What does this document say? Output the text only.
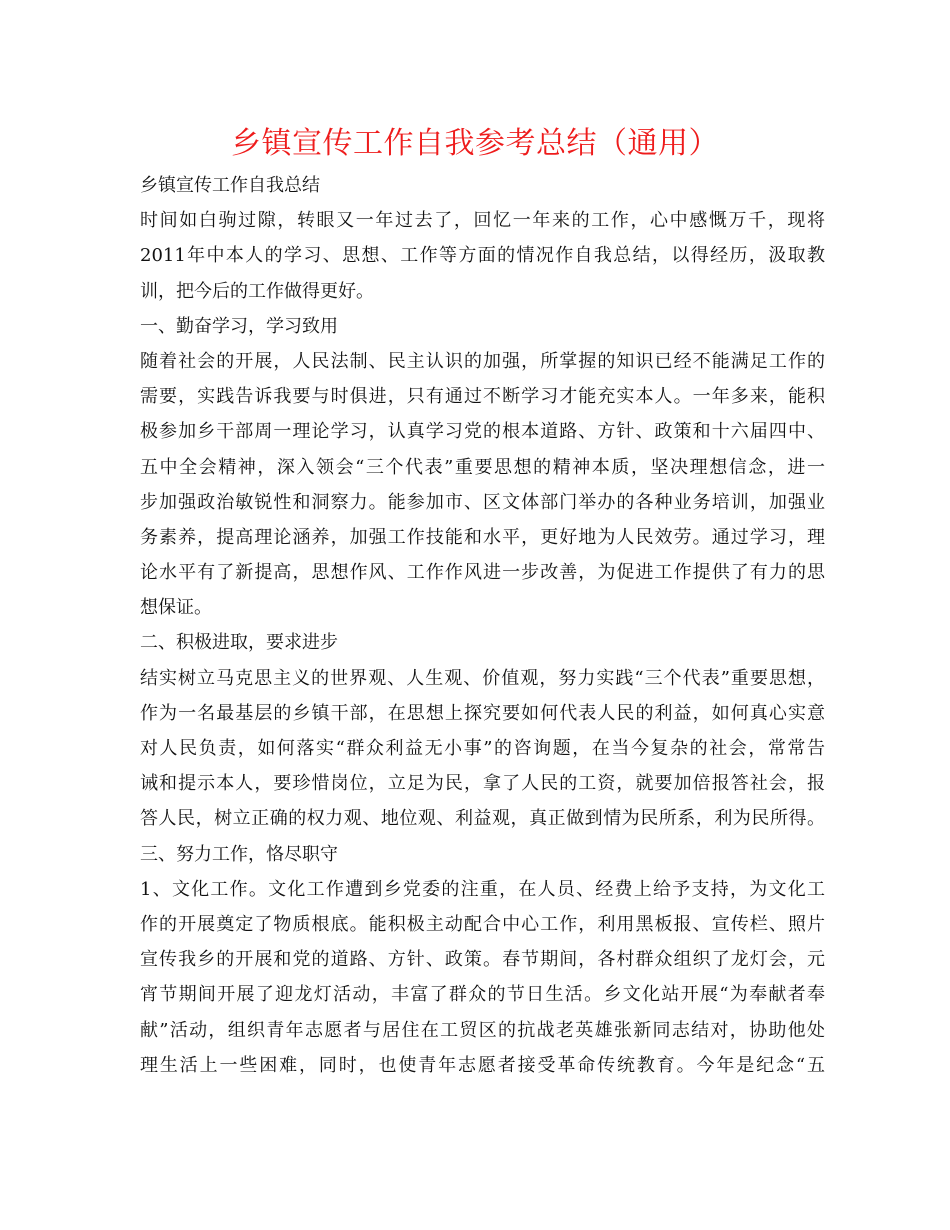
乡镇宣传工作自我参考总结（通用）
乡镇宣传工作自我总结
时间如白驹过隙，转眼又一年过去了，回忆一年来的工作，心中感慨万千，现将
2011年中本人的学习、思想、工作等方面的情况作自我总结，以得经历，汲取教
训，把今后的工作做得更好。
一、勤奋学习，学习致用
随着社会的开展，人民法制、民主认识的加强，所掌握的知识已经不能满足工作的
需要，实践告诉我要与时俱进，只有通过不断学习才能充实本人。一年多来，能积
极参加乡干部周一理论学习，认真学习党的根本道路、方针、政策和十六届四中、
五中全会精神，深入领会“三个代表”重要思想的精神本质，坚决理想信念，进一
步加强政治敏锐性和洞察力。能参加市、区文体部门举办的各种业务培训，加强业
务素养，提高理论涵养，加强工作技能和水平，更好地为人民效劳。通过学习，理
论水平有了新提高，思想作风、工作作风进一步改善，为促进工作提供了有力的思
想保证。
二、积极进取，要求进步
结实树立马克思主义的世界观、人生观、价值观，努力实践“三个代表”重要思想，
作为一名最基层的乡镇干部，在思想上探究要如何代表人民的利益，如何真心实意
对人民负责，如何落实“群众利益无小事”的咨询题，在当今复杂的社会，常常告
诫和提示本人，要珍惜岗位，立足为民，拿了人民的工资，就要加倍报答社会，报
答人民，树立正确的权力观、地位观、利益观，真正做到情为民所系，利为民所得。
三、努力工作，恪尽职守
1、文化工作。文化工作遭到乡党委的注重，在人员、经费上给予支持，为文化工
作的开展奠定了物质根底。能积极主动配合中心工作，利用黑板报、宣传栏、照片
宣传我乡的开展和党的道路、方针、政策。春节期间，各村群众组织了龙灯会，元
宵节期间开展了迎龙灯活动，丰富了群众的节日生活。乡文化站开展“为奉献者奉
献”活动，组织青年志愿者与居住在工贸区的抗战老英雄张新同志结对，协助他处
理生活上一些困难，同时，也使青年志愿者接受革命传统教育。今年是纪念“五
